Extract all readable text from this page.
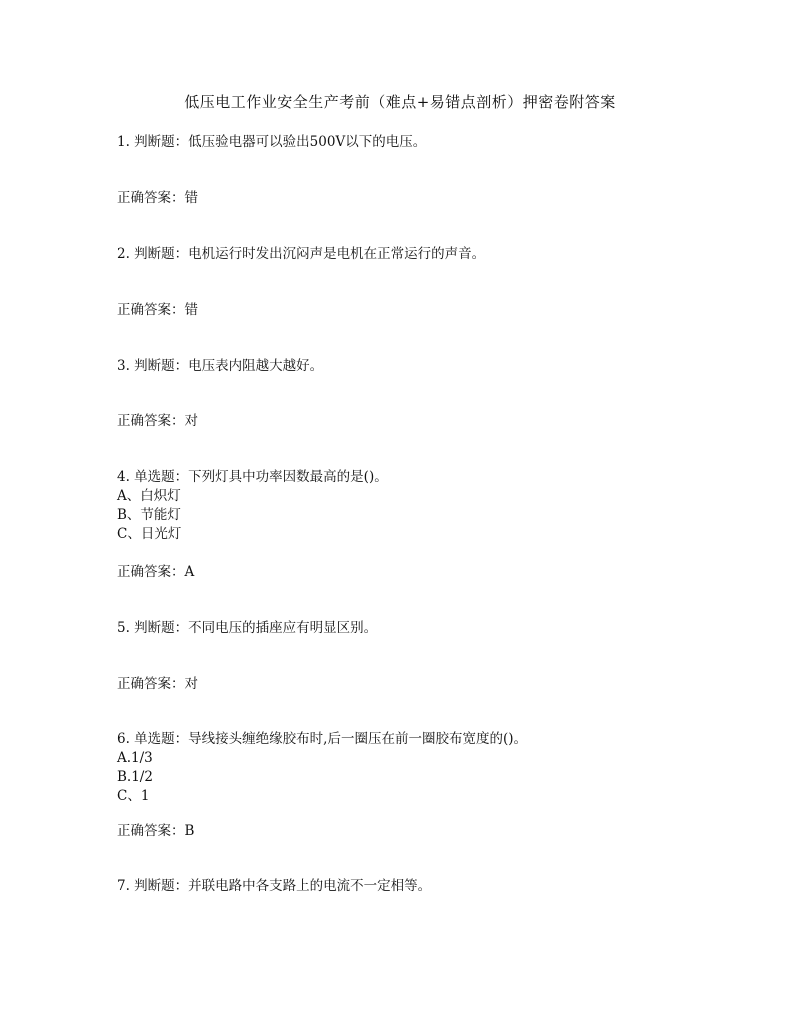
低压电工作业安全生产考前（难点+易错点剖析）押密卷附答案
1. 判断题：低压验电器可以验出500V以下的电压。
正确答案：错
2. 判断题：电机运行时发出沉闷声是电机在正常运行的声音。
正确答案：错
3. 判断题：电压表内阻越大越好。
正确答案：对
4. 单选题：下列灯具中功率因数最高的是()。
A、白炽灯
B、节能灯
C、日光灯
正确答案：A
5. 判断题：不同电压的插座应有明显区别。
正确答案：对
6. 单选题：导线接头缠绝缘胶布时,后一圈压在前一圈胶布宽度的()。
A.1/3
B.1/2
C、1
正确答案：B
7. 判断题：并联电路中各支路上的电流不一定相等。
